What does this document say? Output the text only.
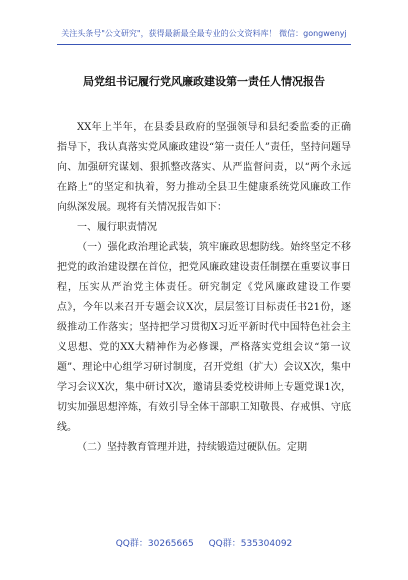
关注头条号"公文研究"，获得最新最全最专业的公文资料库！ 微信：gongwenyj
局党组书记履行党风廉政建设第一责任人情况报告

XX年上半年，在县委县政府的坚强领导和县纪委监委的正确指导下，我认真落实党风廉政建设“第一责任人”责任，坚持问题导向、加强研究谋划、狠抓整改落实、从严监督问责，以“两个永远在路上”的坚定和执着，努力推动全县卫生健康系统党风廉政工作向纵深发展。现将有关情况报告如下：

一、履行职责情况

（一）强化政治理论武装，筑牢廉政思想防线。始终坚定不移把党的政治建设摆在首位，把党风廉政建设责任制摆在重要议事日程，压实从严治党主体责任。研究制定《党风廉政建设工作要点》，今年以来召开专题会议X次，层层签订目标责任书21份，逐级推动工作落实；坚持把学习贯彻X习近平新时代中国特色社会主义思想、党的XX大精神作为必修课，严格落实党组会议“第一议题”、理论中心组学习研讨制度，召开党组（扩大）会议X次，集中学习会议X次，集中研讨X次，邀请县委党校讲师上专题党课1次，切实加强思想淬炼，有效引导全体干部职工知敬畏、存戒惧、守底线。

（二）坚持教育管理并进，持续锻造过硬队伍。定期

QQ群：30265665 QQ群：535304092
